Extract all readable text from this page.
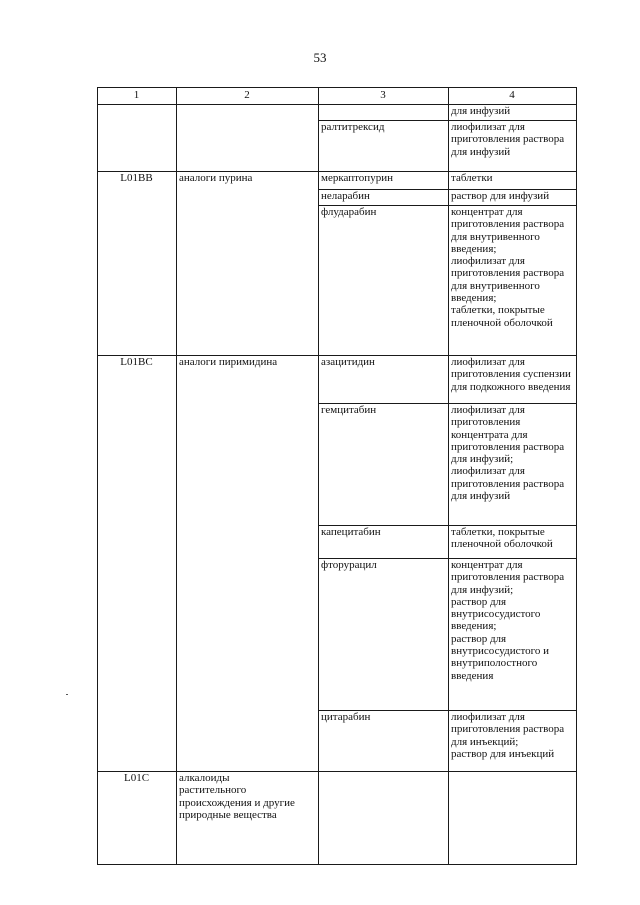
53
1	2	3	4
для инфузий
ралтитрексид	лиофилизат для
приготовления раствора
для инфузий
L01BB	аналоги пурина	меркаптопурин	таблетки
неларабин	раствор для инфузий
флударабин	концентрат для
приготовления раствора
для внутривенного
введения;
лиофилизат для
приготовления раствора
для внутривенного
введения;
таблетки, покрытые
пленочной оболочкой
L01BC	аналоги пиримидина	азацитидин	лиофилизат для
приготовления суспензии
для подкожного введения
гемцитабин	лиофилизат для
приготовления
концентрата для
приготовления раствора
для инфузий;
лиофилизат для
приготовления раствора
для инфузий
капецитабин	таблетки, покрытые
пленочной оболочкой
фторурацил	концентрат для
приготовления раствора
для инфузий;
раствор для
внутрисосудистого
введения;
раствор для
внутрисосудистого и
внутриполостного
введения
цитарабин	лиофилизат для
приготовления раствора
для инъекций;
раствор для инъекций
L01C	алкалоиды
растительного
происхождения и другие
природные вещества
